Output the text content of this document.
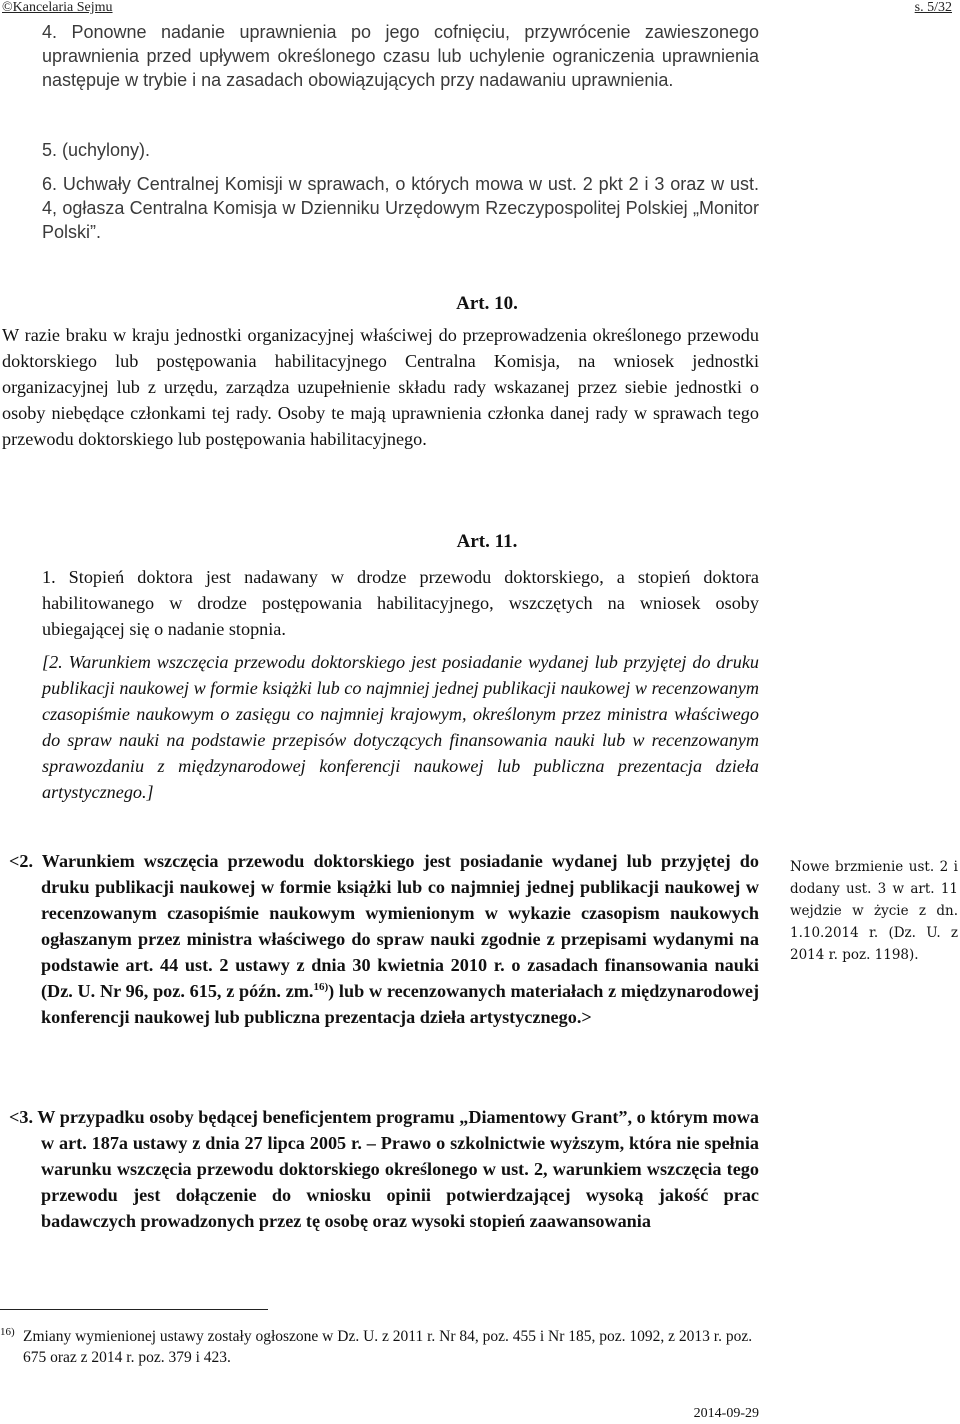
©Kancelaria Sejmu	s. 5/32

4. Ponowne nadanie uprawnienia po jego cofnięciu, przywrócenie zawieszonego uprawnienia przed upływem określonego czasu lub uchylenie ograniczenia uprawnienia następuje w trybie i na zasadach obowiązujących przy nadawaniu uprawnienia.

5. (uchylony).

6. Uchwały Centralnej Komisji w sprawach, o których mowa w ust. 2 pkt 2 i 3 oraz w ust. 4, ogłasza Centralna Komisja w Dzienniku Urzędowym Rzeczypospolitej Polskiej „Monitor Polski”.

Art. 10.

W razie braku w kraju jednostki organizacyjnej właściwej do przeprowadzenia określonego przewodu doktorskiego lub postępowania habilitacyjnego Centralna Komisja, na wniosek jednostki organizacyjnej lub z urzędu, zarządza uzupełnienie składu rady wskazanej przez siebie jednostki o osoby niebędące członkami tej rady. Osoby te mają uprawnienia członka danej rady w sprawach tego przewodu doktorskiego lub postępowania habilitacyjnego.

Art. 11.

1. Stopień doktora jest nadawany w drodze przewodu doktorskiego, a stopień doktora habilitowanego w drodze postępowania habilitacyjnego, wszczętych na wniosek osoby ubiegającej się o nadanie stopnia.

[2. Warunkiem wszczęcia przewodu doktorskiego jest posiadanie wydanej lub przyjętej do druku publikacji naukowej w formie książki lub co najmniej jednej publikacji naukowej w recenzowanym czasopiśmie naukowym o zasięgu co najmniej krajowym, określonym przez ministra właściwego do spraw nauki na podstawie przepisów dotyczących finansowania nauki lub w recenzowanym sprawozdaniu z międzynarodowej konferencji naukowej lub publiczna prezentacja dzieła artystycznego.]

<2. Warunkiem wszczęcia przewodu doktorskiego jest posiadanie wydanej lub przyjętej do druku publikacji naukowej w formie książki lub co najmniej jednej publikacji naukowej w recenzowanym czasopiśmie naukowym wymienionym w wykazie czasopism naukowych ogłaszanym przez ministra właściwego do spraw nauki zgodnie z przepisami wydanymi na podstawie art. 44 ust. 2 ustawy z dnia 30 kwietnia 2010 r. o zasadach finansowania nauki (Dz. U. Nr 96, poz. 615, z późn. zm.$^{16)}$) lub w recenzowanych materiałach z międzynarodowej konferencji naukowej lub publiczna prezentacja dzieła artystycznego.>

<3. W przypadku osoby będącej beneficjentem programu „Diamentowy Grant”, o którym mowa w art. 187a ustawy z dnia 27 lipca 2005 r. – Prawo o szkolnictwie wyższym, która nie spełnia warunku wszczęcia przewodu doktorskiego określonego w ust. 2, warunkiem wszczęcia tego przewodu jest dołączenie do wniosku opinii potwierdzającej wysoką jakość prac badawczych prowadzonych przez tę osobę oraz wysoki stopień zaawansowania

Nowe brzmienie ust. 2 i dodany ust. 3 w art. 11 wejdzie w życie z dn. 1.10.2014 r. (Dz. U. z 2014 r. poz. 1198).
16) Zmiany wymienionej ustawy zostały ogłoszone w Dz. U. z 2011 r. Nr 84, poz. 455 i Nr 185, poz. 1092, z 2013 r. poz. 675 oraz z 2014 r. poz. 379 i 423.
2014-09-29
